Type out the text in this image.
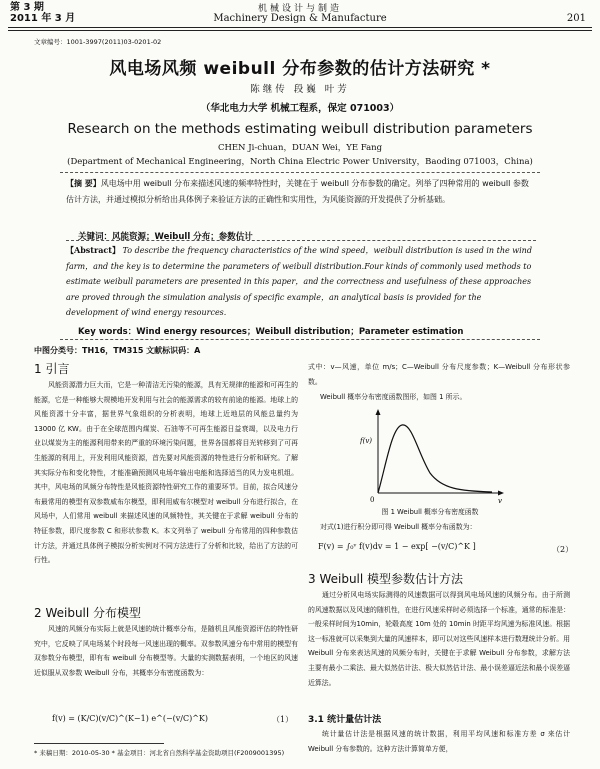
第 3 期
2011 年 3 月
机械设计与制造
Machinery Design & Manufacture	201
文章编号：1001-3997(2011)03-0201-02
风电场风频 weibull 分布参数的估计方法研究 *
陈继传 段巍 叶芳
（华北电力大学 机械工程系，保定 071003）
Research on the methods estimating weibull distribution parameters
CHEN Ji-chuan，DUAN Wei，YE Fang
(Department of Mechanical Engineering，North China Electric Power University，Baoding 071003，China)
【摘 要】风电场中用 weibull 分布来描述风速的频率特性时，关键在于 weibull 分布参数的确定。列举了四种常用的 weibull 参数估计方法，并通过模拟分析给出具体例子来验证方法的正确性和实用性，为风能资源的开发提供了分析基础。
关键词：风能资源；Weibull 分布；参数估计
【Abstract】 To describe the frequency characteristics of the wind speed，weibull distribution is used in the wind farm，and the key is to determine the parameters of weibull distribution.Four kinds of commonly used methods to estimate weibull parameters are presented in this paper，and the correctness and usefulness of these approaches are proved through the simulation analysis of specific example，an analytical basis is provided for the development of wind energy resources.
Key words：Wind energy resources；Weibull distribution；Parameter estimation
中图分类号：TH16，TM315 文献标识码：A
1 引言
风能资源潜力巨大而，它是一种清洁无污染的能源，具有无规律的能源和可再生的能源，它是一种能够大规模地开发利用与社会的能源需求的较有前途的能源。地球上的风能资源十分丰富，据世界气象组织的分析表明，地球上近地层的风能总量约为 13000 亿 KW。由于在全球范围内煤炭、石油等不可再生能源日益衰竭，以及电力行业以煤炭为主的能源利用带来的严重的环境污染问题，世界各国都将目光转移到了可再生能源的利用上，开发利用风能资源，首先要对风能资源的特性进行分析和研究。了解其实际分布和变化特性，才能准确预测风电场年输出电能和选择适当的风力发电机组。其中，风电场的风频分布特性是风能资源特性研究工作的重要环节。目前，拟合风速分布最常用的模型有双参数威布尔模型，即利用威布尔模型对 weibull 分布进行拟合，在风场中，人们常用 weibull 来描述风速的风频特性，其关键在于求解 weibull 分布的特征参数，即尺度参数 C 和形状参数 K。本文列举了 weibull 分布常用的四种参数估计方法，并通过具体例子模拟分析实例对不同方法进行了分析和比较，给出了方法的可行性。
2 Weibull 分布模型
风速的风频分布实际上就是风速的统计概率分布，是随机且风能资源评估的特性研究中，它反映了风电场某个时段每一风速出现的概率。双参数风速分布中常用的模型有双参数分布模型，即有布 weibull 分布模型等。大量的实测数据表明，一个地区的风速近似服从双参数 Weibull 分布，其概率分布密度函数为：
f(v) = (K/C)(v/C)^(K−1) e^(−(v/C)^K)	（1）
式中：v—风速，单位 m/s；C—Weibull 分布尺度参数；K—Weibull 分布形状参数。
Weibull 概率分布密度函数图形，如图 1 所示。
f(v)
0	v
图 1 Weibull 概率分布密度函数
对式(1)进行积分即可得 Weibull 概率分布函数为：
F(v) = ∫₀ᵛ f(v)dv = 1 − exp[ −(v/C)^K ]	（2）
3 Weibull 模型参数估计方法
通过分析风电场实际测得的风速数据可以得到风电场风速的风频分布。由于所测的风速数据以及风速的随机性，在进行风速采样时必须选择一个标准，通常的标准是：一般采样时间为10min，轮毂高度 10m 处的 10min 时距平均风速为标准风速。根据这一标准就可以采集到大量的风速样本，即可以对这些风速样本进行数理统计分析。用 Weibull 分布来表达风速的风频分布时，关键在于求解 Weibull 分布参数，求解方法主要有最小二乘法、最大似然估计法、极大似然估计法、最小误差逼近法和最小误差逼近算法。
3.1 统计量估计法
统计量估计法是根据风速的统计数据，利用平均风速和标准方差 σ 来估计 Weibull 分布参数的。这种方法计算简单方便，
* 来稿日期：2010-05-30 * 基金项目：河北省自然科学基金资助项目(F2009001395)
